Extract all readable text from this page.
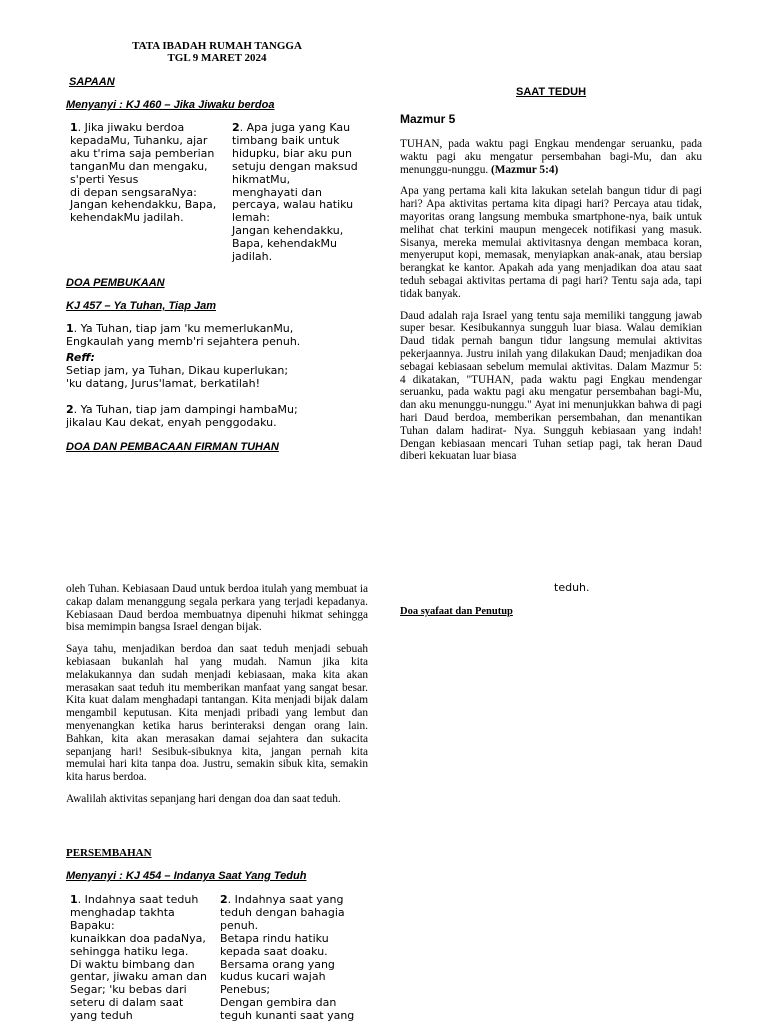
TATA IBADAH RUMAH TANGGA
TGL 9 MARET 2024
SAPAAN
Menyanyi : KJ 460 – Jika Jiwaku berdoa
1. Jika jiwaku berdoa
kepadaMu, Tuhanku, ajar
aku t'rima saja pemberian
tanganMu dan mengaku,
s'perti Yesus
di depan sengsaraNya:
Jangan kehendakku, Bapa,
kehendakMu jadilah.
2. Apa juga yang Kau
timbang baik untuk
hidupku, biar aku pun
setuju dengan maksud
hikmatMu,
menghayati dan
percaya, walau hatiku
lemah:
Jangan kehendakku,
Bapa, kehendakMu
jadilah.
DOA PEMBUKAAN
KJ 457 – Ya Tuhan, Tiap Jam
1. Ya Tuhan, tiap jam 'ku memerlukanMu,
Engkaulah yang memb'ri sejahtera penuh.
Reff:
Setiap jam, ya Tuhan, Dikau kuperlukan;
'ku datang, Jurus'lamat, berkatilah!
2. Ya Tuhan, tiap jam dampingi hambaMu;
jikalau Kau dekat, enyah penggodaku.
DOA DAN PEMBACAAN FIRMAN TUHAN
SAAT TEDUH
Mazmur 5

TUHAN, pada waktu pagi Engkau mendengar seruanku, pada waktu pagi aku mengatur persembahan bagi-Mu, dan aku menunggu-nunggu. (Mazmur 5:4)

Apa yang pertama kali kita lakukan setelah bangun tidur di pagi hari? Apa aktivitas pertama kita dipagi hari? Percaya atau tidak, mayoritas orang langsung membuka smartphone-nya, baik untuk melihat chat terkini maupun mengecek notifikasi yang masuk. Sisanya, mereka memulai aktivitasnya dengan membaca koran, menyeruput kopi, memasak, menyiapkan anak-anak, atau bersiap berangkat ke kantor. Apakah ada yang menjadikan doa atau saat teduh sebagai aktivitas pertama di pagi hari? Tentu saja ada, tapi tidak banyak.

Daud adalah raja Israel yang tentu saja memiliki tanggung jawab super besar. Kesibukannya sungguh luar biasa. Walau demikian Daud tidak pernah bangun tidur langsung memulai aktivitas pekerjaannya. Justru inilah yang dilakukan Daud; menjadikan doa sebagai kebiasaan sebelum memulai aktivitas. Dalam Mazmur 5: 4 dikatakan, "TUHAN, pada waktu pagi Engkau mendengar seruanku, pada waktu pagi aku mengatur persembahan bagi-Mu, dan aku menunggu-nunggu." Ayat ini menunjukkan bahwa di pagi hari Daud berdoa, memberikan persembahan, dan menantikan Tuhan dalam hadirat- Nya. Sungguh kebiasaan yang indah! Dengan kebiasaan mencari Tuhan setiap pagi, tak heran Daud diberi kekuatan luar biasa

oleh Tuhan. Kebiasaan Daud untuk berdoa itulah yang membuat ia cakap dalam menanggung segala perkara yang terjadi kepadanya. Kebiasaan Daud berdoa membuatnya dipenuhi hikmat sehingga bisa memimpin bangsa Israel dengan bijak.

Saya tahu, menjadikan berdoa dan saat teduh menjadi sebuah kebiasaan bukanlah hal yang mudah. Namun jika kita melakukannya dan sudah menjadi kebiasaan, maka kita akan merasakan saat teduh itu memberikan manfaat yang sangat besar. Kita kuat dalam menghadapi tantangan. Kita menjadi bijak dalam mengambil keputusan. Kita menjadi pribadi yang lembut dan menyenangkan ketika harus berinteraksi dengan orang lain. Bahkan, kita akan merasakan damai sejahtera dan sukacita sepanjang hari! Sesibuk-sibuknya kita, jangan pernah kita memulai hari kita tanpa doa. Justru, semakin sibuk kita, semakin kita harus berdoa.

Awalilah aktivitas sepanjang hari dengan doa dan saat teduh.

PERSEMBAHAN
Menyanyi : KJ 454 – Indanya Saat Yang Teduh
1. Indahnya saat teduh
menghadap takhta
Bapaku:
kunaikkan doa padaNya,
sehingga hatiku lega.
Di waktu bimbang dan
gentar, jiwaku aman dan
Segar; 'ku bebas dari
seteru di dalam saat
yang teduh
2. Indahnya saat yang
teduh dengan bahagia
penuh.
Betapa rindu hatiku
kepada saat doaku.
Bersama orang yang
kudus kucari wajah
Penebus;
Dengan gembira dan
teguh kunanti saat yang
teduh.
Doa syafaat dan Penutup
